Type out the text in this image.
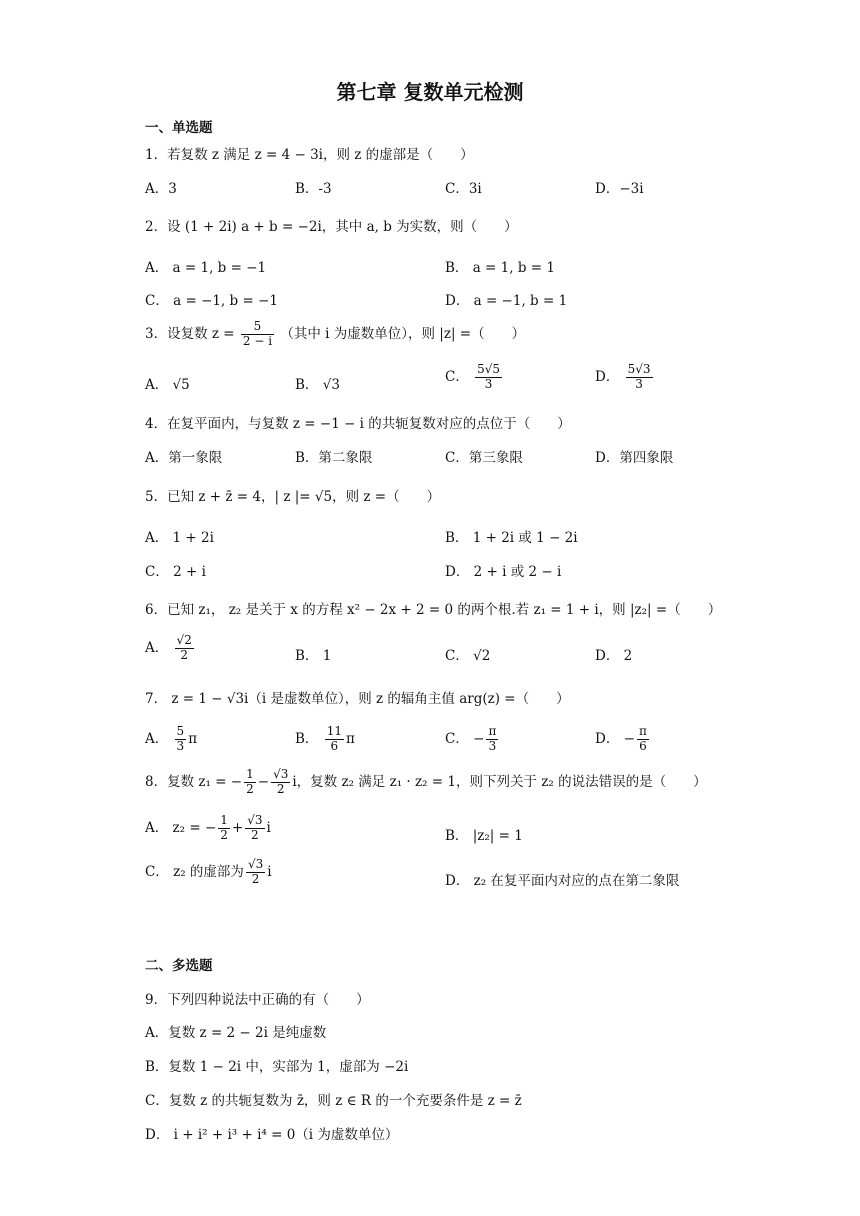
第七章 复数单元检测
一、单选题
1．若复数 z 满足 z = 4 − 3i，则 z 的虚部是（　　）
A．3	B．-3	C．3i	D．−3i
2．设 (1 + 2i) a + b = −2i，其中 a, b 为实数，则（　　）
A． a = 1, b = −1	B． a = 1, b = 1
C． a = −1, b = −1	D． a = −1, b = 1
3．设复数 $z = \frac{5}{2 - i}$ （其中 i 为虚数单位），则 |z| =（　　）
A． √5	B． √3
C． $\frac{5√5}{3}$	D． $\frac{5√3}{3}$
4．在复平面内，与复数 z = −1 − i 的共轭复数对应的点位于（　　）
A．第一象限	B．第二象限	C．第三象限	D．第四象限
5．已知 z + z̄ = 4，| z |= √5，则 z =（　　）
A． 1 + 2i	B． 1 + 2i 或 1 − 2i
C． 2 + i	D． 2 + i 或 2 − i
6．已知 z₁， z₂ 是关于 x 的方程 x² − 2x + 2 = 0 的两个根.若 z₁ = 1 + i，则 |z₂| =（　　）
A． $\frac{√2}{2}$	B． 1	C． √2	D． 2
7． z = 1 − √3i（i 是虚数单位），则 z 的辐角主值 arg(z) =（　　）
A． $\frac{5}{3}$ π	B． $\frac{11}{6}$ π	C． − $\frac{\pi}{3}$	D． − $\frac{\pi}{6}$
8．复数 z₁ = − $\frac{1}{2} - \frac{√3}{2}$ i，复数 z₂ 满足 z₁ · z₂ = 1，则下列关于 z₂ 的说法错误的是（　　）
A． z₂ = − $\frac{1}{2} + \frac{√3}{2}$ i
B． |z₂| = 1
C． z₂ 的虚部为 $\frac{√3}{2}$ i
D． z₂ 在复平面内对应的点在第二象限
二、多选题
9．下列四种说法中正确的有（　　）
A．复数 z = 2 − 2i 是纯虚数
B．复数 1 − 2i 中，实部为 1，虚部为 −2i
C．复数 z 的共轭复数为 z̄，则 z ∈ R 的一个充要条件是 z = z̄
D． i + i² + i³ + i⁴ = 0（i 为虚数单位）
